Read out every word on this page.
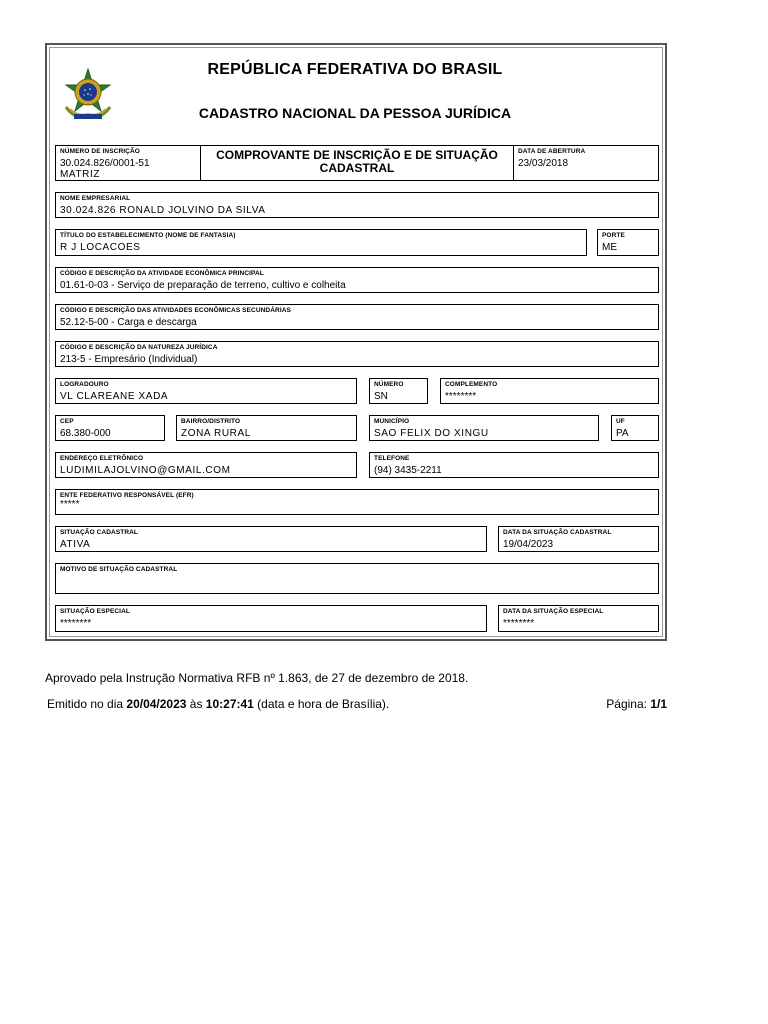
REPÚBLICA FEDERATIVA DO BRASIL
CADASTRO NACIONAL DA PESSOA JURÍDICA
NÚMERO DE INSCRIÇÃO
30.024.826/0001-51
MATRIZ
COMPROVANTE DE INSCRIÇÃO E DE SITUAÇÃO
CADASTRAL
DATA DE ABERTURA
23/03/2018
NOME EMPRESARIAL
30.024.826 RONALD JOLVINO DA SILVA
TÍTULO DO ESTABELECIMENTO (NOME DE FANTASIA)
R J LOCACOES
PORTE
ME
CÓDIGO E DESCRIÇÃO DA ATIVIDADE ECONÔMICA PRINCIPAL
01.61-0-03 - Serviço de preparação de terreno, cultivo e colheita
CÓDIGO E DESCRIÇÃO DAS ATIVIDADES ECONÔMICAS SECUNDÁRIAS
52.12-5-00 - Carga e descarga
CÓDIGO E DESCRIÇÃO DA NATUREZA JURÍDICA
213-5 - Empresário (Individual)
LOGRADOURO
VL CLAREANE XADA
NÚMERO
SN
COMPLEMENTO
********
CEP
68.380-000
BAIRRO/DISTRITO
ZONA RURAL
MUNICÍPIO
SAO FELIX DO XINGU
UF
PA
ENDEREÇO ELETRÔNICO
LUDIMILAJOLVINO@GMAIL.COM
TELEFONE
(94) 3435-2211
ENTE FEDERATIVO RESPONSÁVEL (EFR)
*****
SITUAÇÃO CADASTRAL
ATIVA
DATA DA SITUAÇÃO CADASTRAL
19/04/2023
MOTIVO DE SITUAÇÃO CADASTRAL
SITUAÇÃO ESPECIAL
********
DATA DA SITUAÇÃO ESPECIAL
********
Aprovado pela Instrução Normativa RFB nº 1.863, de 27 de dezembro de 2018.
Emitido no dia 20/04/2023 às 10:27:41 (data e hora de Brasília).	Página: 1/1
